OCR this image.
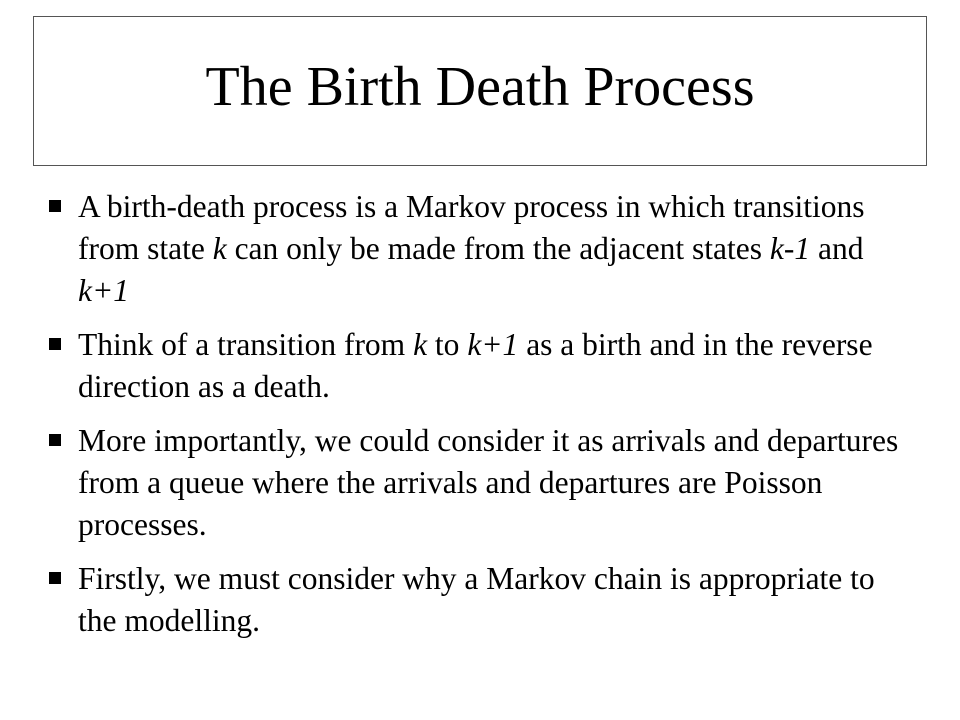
The Birth Death Process
A birth-death process is a Markov process in which transitions from state k can only be made from the adjacent states k-1 and k+1
Think of a transition from k to k+1 as a birth and in the reverse direction as a death.
More importantly, we could consider it as arrivals and departures from a queue where the arrivals and departures are Poisson processes.
Firstly, we must consider why a Markov chain is appropriate to the modelling.
